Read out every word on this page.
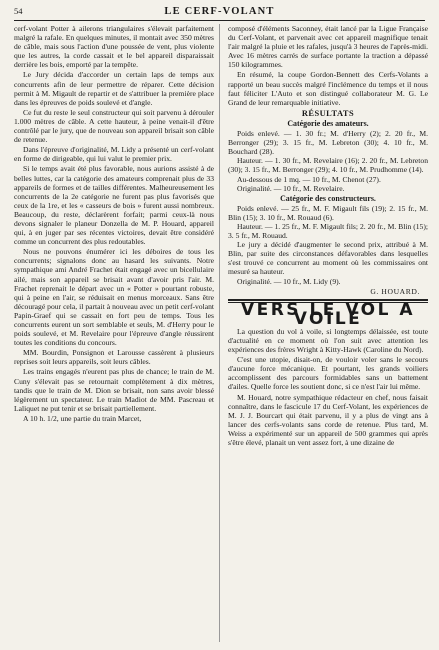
54	LE CERF-VOLANT

cerf-volant Potter à ailerons triangulaires s'élevait parfaitement malgré la rafale. En quelques minutes, il montait avec 350 mètres de câble, mais sous l'action d'une poussée de vent, plus violente que les autres, la corde cassait et le bel appareil disparaissait derrière les bois, emporté par la tempête.

Le Jury décida d'accorder un certain laps de temps aux concurrents afin de leur permettre de réparer. Cette décision permit à M. Migault de repartir et de s'attribuer la première place dans les épreuves de poids soulevé et d'angle.

Ce fut du reste le seul constructeur qui soit parvenu à dérouler 1.000 mètres de câble. A cette hauteur, à peine venait-il d'être contrôlé par le jury, que de nouveau son appareil brisait son câble de retenue.

Dans l'épreuve d'originalité, M. Lidy a présenté un cerf-volant en forme de dirigeable, qui lui valut le premier prix.

Si le temps avait été plus favorable, nous aurions assisté à de belles luttes, car la catégorie des amateurs comprenait plus de 33 appareils de formes et de tailles différentes. Malheureusement les concurrents de la 2e catégorie ne furent pas plus favorisés que ceux de la 1re, et les « casseurs de bois » furent aussi nombreux. Beaucoup, du reste, déclarèrent forfait; parmi ceux-là nous devons signaler le planeur Donzella de M. P. Houard, appareil qui, à en juger par ses récentes victoires, devait être considéré comme un concurrent des plus redoutables.

Nous ne pouvons énumérer ici les déboires de tous les concurrents; signalons donc au hasard les suivants. Notre sympathique ami André Frachet était engagé avec un bicellulaire ailé, mais son appareil se brisait avant d'avoir pris l'air. M. Frachet reprenait le départ avec un « Potter » pourtant robuste, qui à peine en l'air, se réduisait en menus morceaux. Sans être découragé pour cela, il partait à nouveau avec un petit cerf-volant Papin-Graef qui se cassait en fort peu de temps. Tous les concurrents eurent un sort semblable et seuls, M. d'Herry pour le poids soulevé, et M. Revelaire pour l'épreuve d'angle réussirent toutes les conditions du concours.

MM. Bourdin, Ponsignon et Larousse cassèrent à plusieurs reprises soit leurs appareils, soit leurs câbles.

Les trains engagés n'eurent pas plus de chance; le train de M. Cuny s'élevait pas se retournait complètement à dix mètres, tandis que le train de M. Dion se brisait, non sans avoir blessé légèrement un spectateur. Le train Madiot de MM. Pascreau et Laliquet ne put tenir et se brisait partiellement.

A 10 h. 1/2, une partie du train Marcet,

composé d'éléments Saconney, était lancé par la Ligue Française du Cerf-Volant, et parvenait avec cet appareil magnifique tenait l'air malgré la pluie et les rafales, jusqu'à 3 heures de l'après-midi. Avec 16 mètres carrés de surface portante la traction a dépassé 150 kilogrammes.

En résumé, la coupe Gordon-Bennett des Cerfs-Volants a rapporté un beau succès malgré l'inclémence du temps et il nous faut féliciter L'Auto et son distingué collaborateur M. G. Le Grand de leur remarquable initiative.

RÉSULTATS
Catégorie des amateurs.

Poids enlevé. — 1. 30 fr.; M. d'Herry (2); 2. 20 fr., M. Berronger (29); 3. 15 fr., M. Lebreton (30); 4. 10 fr., M. Bouchard (28).

Hauteur. — 1. 30 fr., M. Revelaire (16); 2. 20 fr., M. Lebreton (30); 3. 15 fr., M. Berronger (29); 4. 10 fr., M. Prudhomme (14).

Au-dessous de 1 mq. — 10 fr., M. Chenot (27).

Originalité. — 10 fr., M. Revelaire.

Catégorie des constructeurs.

Poids enlevé. — 25 fr., M. F. Migault fils (19); 2. 15 fr., M. Blin (15); 3. 10 fr., M. Rouaud (6).

Hauteur. — 1. 25 fr., M. F. Migault fils; 2. 20 fr., M. Blin (15); 3. 5 fr., M. Rouaud.

Le jury a décidé d'augmenter le second prix, attribué à M. Blin, par suite des circonstances défavorables dans lesquelles s'est trouvé ce concurrent au moment où les commissaires ont mesuré sa hauteur.

Originalité. — 10 fr., M. Lidy (9).

G. HOUARD.
VERS LE VOL A VOILE

La question du vol à voile, si longtemps délaissée, est toute d'actualité en ce moment où l'on suit avec attention les expériences des frères Wright à Kitty-Hawk (Caroline du Nord).

C'est une utopie, disait-on, de vouloir voler sans le secours d'aucune force mécanique. Et pourtant, les grands voiliers accomplissent des parcours formidables sans un battement d'ailes. Quelle force les soutient donc, si ce n'est l'air lui même.

M. Houard, notre sympathique rédacteur en chef, nous faisait connaître, dans le fascicule 17 du Cerf-Volant, les expériences de M. J. J. Bourcart qui était parvenu, il y a plus de vingt ans à lancer des cerfs-volants sans corde de retenue. Plus tard, M. Weiss a expérimenté sur un appareil de 500 grammes qui après s'être élevé, planait un vent assez fort, à une dizaine de
